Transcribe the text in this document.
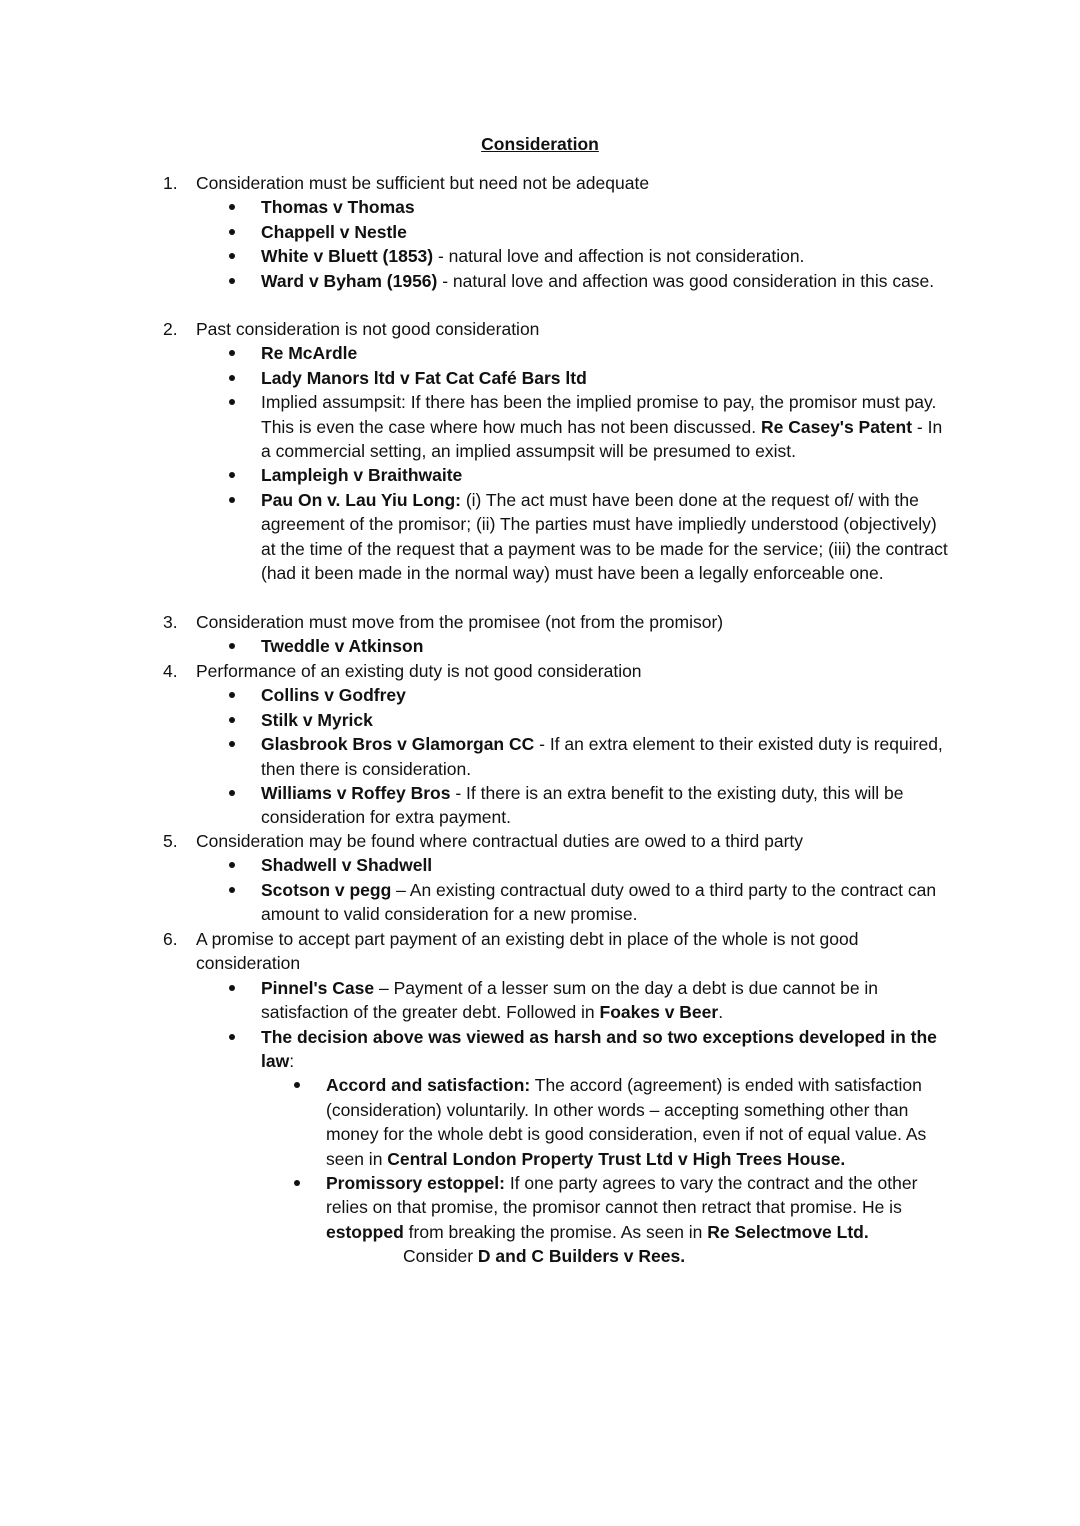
Consideration
1. Consideration must be sufficient but need not be adequate
Thomas v Thomas
Chappell v Nestle
White v Bluett (1853) - natural love and affection is not consideration.
Ward v Byham (1956) - natural love and affection was good consideration in this case.
2. Past consideration is not good consideration
Re McArdle
Lady Manors ltd v Fat Cat Café Bars ltd
Implied assumpsit: If there has been the implied promise to pay, the promisor must pay. This is even the case where how much has not been discussed. Re Casey's Patent - In a commercial setting, an implied assumpsit will be presumed to exist.
Lampleigh v Braithwaite
Pau On v. Lau Yiu Long: (i) The act must have been done at the request of/ with the agreement of the promisor; (ii) The parties must have impliedly understood (objectively) at the time of the request that a payment was to be made for the service; (iii) the contract (had it been made in the normal way) must have been a legally enforceable one.
3. Consideration must move from the promisee (not from the promisor)
Tweddle v Atkinson
4. Performance of an existing duty is not good consideration
Collins v Godfrey
Stilk v Myrick
Glasbrook Bros v Glamorgan CC - If an extra element to their existed duty is required, then there is consideration.
Williams v Roffey Bros - If there is an extra benefit to the existing duty, this will be consideration for extra payment.
5. Consideration may be found where contractual duties are owed to a third party
Shadwell v Shadwell
Scotson v pegg – An existing contractual duty owed to a third party to the contract can amount to valid consideration for a new promise.
6. A promise to accept part payment of an existing debt in place of the whole is not good consideration
Pinnel's Case – Payment of a lesser sum on the day a debt is due cannot be in satisfaction of the greater debt. Followed in Foakes v Beer.
The decision above was viewed as harsh and so two exceptions developed in the law:
Accord and satisfaction: The accord (agreement) is ended with satisfaction (consideration) voluntarily. In other words – accepting something other than money for the whole debt is good consideration, even if not of equal value. As seen in Central London Property Trust Ltd v High Trees House.
Promissory estoppel: If one party agrees to vary the contract and the other relies on that promise, the promisor cannot then retract that promise. He is estopped from breaking the promise. As seen in Re Selectmove Ltd.
Consider D and C Builders v Rees.
